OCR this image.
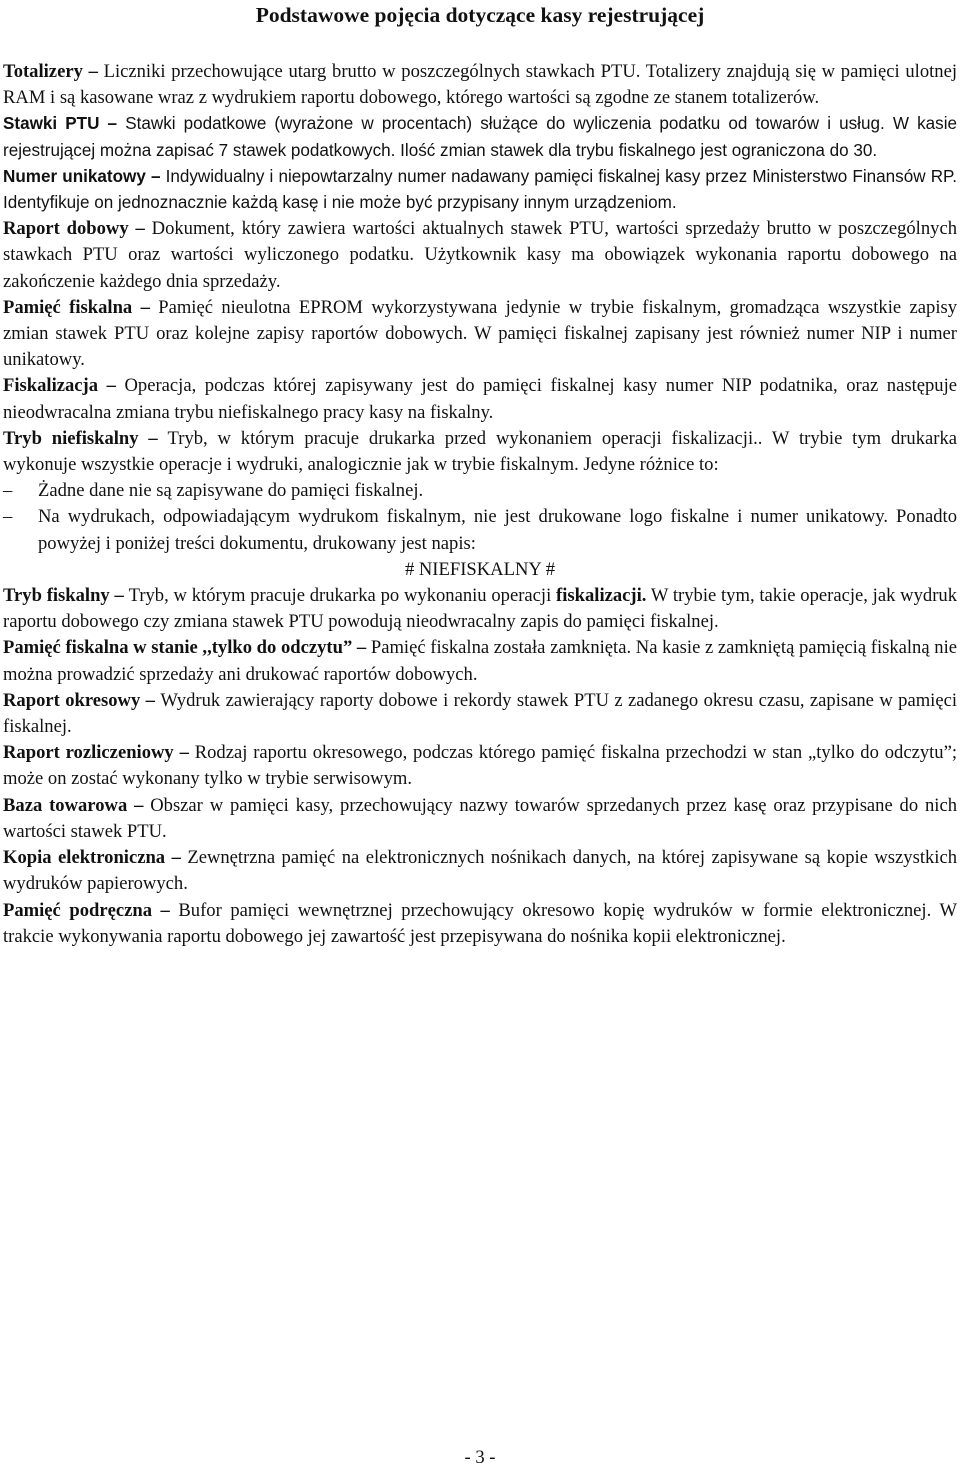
Podstawowe pojęcia dotyczące kasy rejestrującej

Totalizery – Liczniki przechowujące utarg brutto w poszczególnych stawkach PTU. Totalizery znajdują się w pamięci ulotnej RAM i są kasowane wraz z wydrukiem raportu dobowego, którego wartości są zgodne ze stanem totalizerów.

Stawki PTU – Stawki podatkowe (wyrażone w procentach) służące do wyliczenia podatku od towarów i usług. W kasie rejestrującej można zapisać 7 stawek podatkowych. Ilość zmian stawek dla trybu fiskalnego jest ograniczona do 30.

Numer unikatowy – Indywidualny i niepowtarzalny numer nadawany pamięci fiskalnej kasy przez Ministerstwo Finansów RP. Identyfikuje on jednoznacznie każdą kasę i nie może być przypisany innym urządzeniom.

Raport dobowy – Dokument, który zawiera wartości aktualnych stawek PTU, wartości sprzedaży brutto w poszczególnych stawkach PTU oraz wartości wyliczonego podatku. Użytkownik kasy ma obowiązek wykonania raportu dobowego na zakończenie każdego dnia sprzedaży.

Pamięć fiskalna – Pamięć nieulotna EPROM wykorzystywana jedynie w trybie fiskalnym, gromadząca wszystkie zapisy zmian stawek PTU oraz kolejne zapisy raportów dobowych. W pamięci fiskalnej zapisany jest również numer NIP i numer unikatowy.

Fiskalizacja – Operacja, podczas której zapisywany jest do pamięci fiskalnej kasy numer NIP podatnika, oraz następuje nieodwracalna zmiana trybu niefiskalnego pracy kasy na fiskalny.

Tryb niefiskalny – Tryb, w którym pracuje drukarka przed wykonaniem operacji fiskalizacji.. W trybie tym drukarka wykonuje wszystkie operacje i wydruki, analogicznie jak w trybie fiskalnym. Jedyne różnice to:

–	Żadne dane nie są zapisywane do pamięci fiskalnej.
–	Na wydrukach, odpowiadającym wydrukom fiskalnym, nie jest drukowane logo fiskalne i numer unikatowy. Ponadto powyżej i poniżej treści dokumentu, drukowany jest napis:

# NIEFISKALNY #

Tryb fiskalny – Tryb, w którym pracuje drukarka po wykonaniu operacji fiskalizacji. W trybie tym, takie operacje, jak wydruk raportu dobowego czy zmiana stawek PTU powodują nieodwracalny zapis do pamięci fiskalnej.

Pamięć fiskalna w stanie ,,tylko do odczytu” – Pamięć fiskalna została zamknięta. Na kasie z zamkniętą pamięcią fiskalną nie można prowadzić sprzedaży ani drukować raportów dobowych.

Raport okresowy – Wydruk zawierający raporty dobowe i rekordy stawek PTU z zadanego okresu czasu, zapisane w pamięci fiskalnej.

Raport rozliczeniowy – Rodzaj raportu okresowego, podczas którego pamięć fiskalna przechodzi w stan „tylko do odczytu”; może on zostać wykonany tylko w trybie serwisowym.

Baza towarowa – Obszar w pamięci kasy, przechowujący nazwy towarów sprzedanych przez kasę oraz przypisane do nich wartości stawek PTU.

Kopia elektroniczna – Zewnętrzna pamięć na elektronicznych nośnikach danych, na której zapisywane są kopie wszystkich wydruków papierowych.

Pamięć podręczna – Bufor pamięci wewnętrznej przechowujący okresowo kopię wydruków w formie elektronicznej. W trakcie wykonywania raportu dobowego jej zawartość jest przepisywana do nośnika kopii elektronicznej.

- 3 -
